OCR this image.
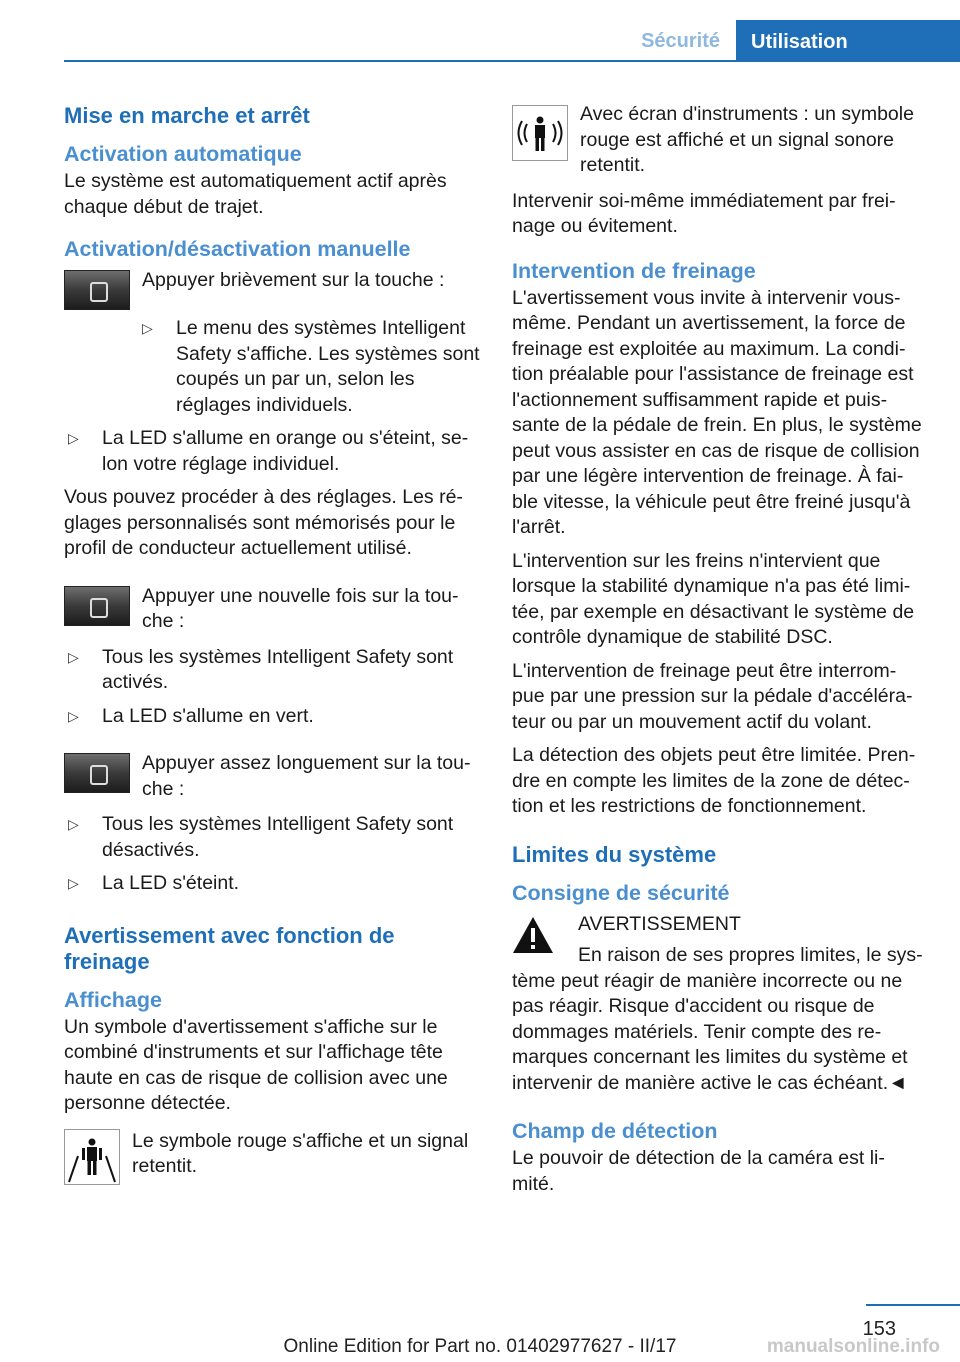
Sécurité	Utilisation
Mise en marche et arrêt
Activation automatique

Le système est automatiquement actif après chaque début de trajet.

Activation/désactivation manuelle
Appuyer brièvement sur la touche :
▷	Le menu des systèmes Intelligent Safety s'affiche. Les systèmes sont coupés un par un, selon les réglages individuels.
▷	La LED s'allume en orange ou s'éteint, se- lon votre réglage individuel.

Vous pouvez procéder à des réglages. Les ré- glages personnalisés sont mémorisés pour le profil de conducteur actuellement utilisé.

Appuyer une nouvelle fois sur la tou- che :
▷	Tous les systèmes Intelligent Safety sont activés.
▷	La LED s'allume en vert.
Appuyer assez longuement sur la tou- che :
▷	Tous les systèmes Intelligent Safety sont désactivés.
▷	La LED s'éteint.
Avertissement avec fonction de freinage
Affichage

Un symbole d'avertissement s'affiche sur le combiné d'instruments et sur l'affichage tête haute en cas de risque de collision avec une personne détectée.

Le symbole rouge s'affiche et un signal retentit.
Avec écran d'instruments : un symbole rouge est affiché et un signal sonore retentit.

Intervenir soi-même immédiatement par frei- nage ou évitement.

Intervention de freinage

L'avertissement vous invite à intervenir vous- même. Pendant un avertissement, la force de freinage est exploitée au maximum. La condi- tion préalable pour l'assistance de freinage est l'actionnement suffisamment rapide et puis- sante de la pédale de frein. En plus, le système peut vous assister en cas de risque de collision par une légère intervention de freinage. À fai- ble vitesse, la véhicule peut être freiné jusqu'à l'arrêt.

L'intervention sur les freins n'intervient que lorsque la stabilité dynamique n'a pas été limi- tée, par exemple en désactivant le système de contrôle dynamique de stabilité DSC.

L'intervention de freinage peut être interrom- pue par une pression sur la pédale d'accéléra- teur ou par un mouvement actif du volant.

La détection des objets peut être limitée. Pren- dre en compte les limites de la zone de détec- tion et les restrictions de fonctionnement.

Limites du système
Consigne de sécurité
AVERTISSEMENT
En raison de ses propres limites, le sys-

tème peut réagir de manière incorrecte ou ne pas réagir. Risque d'accident ou risque de dommages matériels. Tenir compte des re- marques concernant les limites du système et intervenir de manière active le cas échéant.◄

Champ de détection

Le pouvoir de détection de la caméra est li- mité.

153
Online Edition for Part no. 01402977627 - II/17	manualsonline.info
